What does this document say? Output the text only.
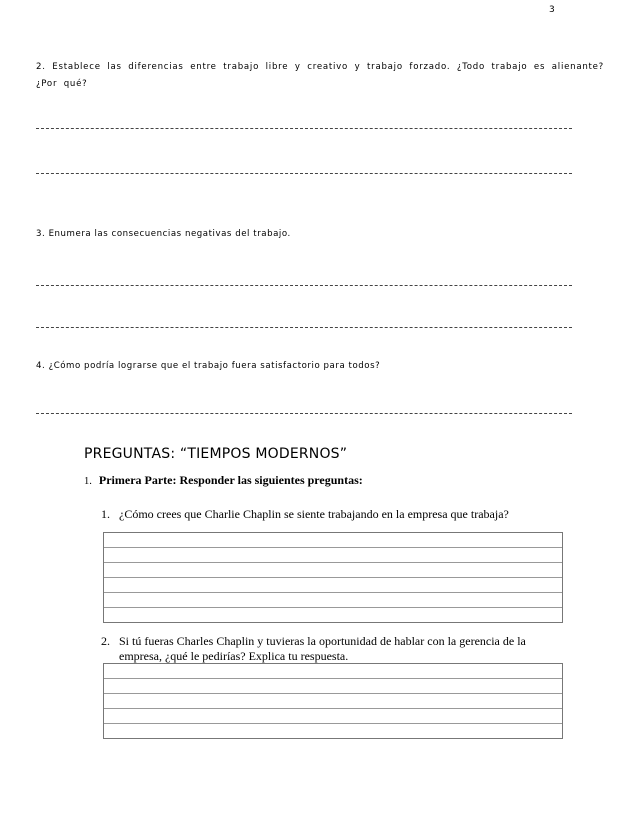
3
2. Establece las diferencias entre trabajo libre y creativo y trabajo forzado. ¿Todo trabajo es alienante? ¿Por qué?
3. Enumera las consecuencias negativas del trabajo.
4. ¿Cómo podría lograrse que el trabajo fuera satisfactorio para todos?
PREGUNTAS: “TIEMPOS MODERNOS”
1. Primera Parte: Responder las siguientes preguntas:
1. ¿Cómo crees que Charlie Chaplin se siente trabajando en la empresa que trabaja?
2. Si tú fueras Charles Chaplin y tuvieras la oportunidad de hablar con la gerencia de la empresa, ¿qué le pedirías? Explica tu respuesta.
